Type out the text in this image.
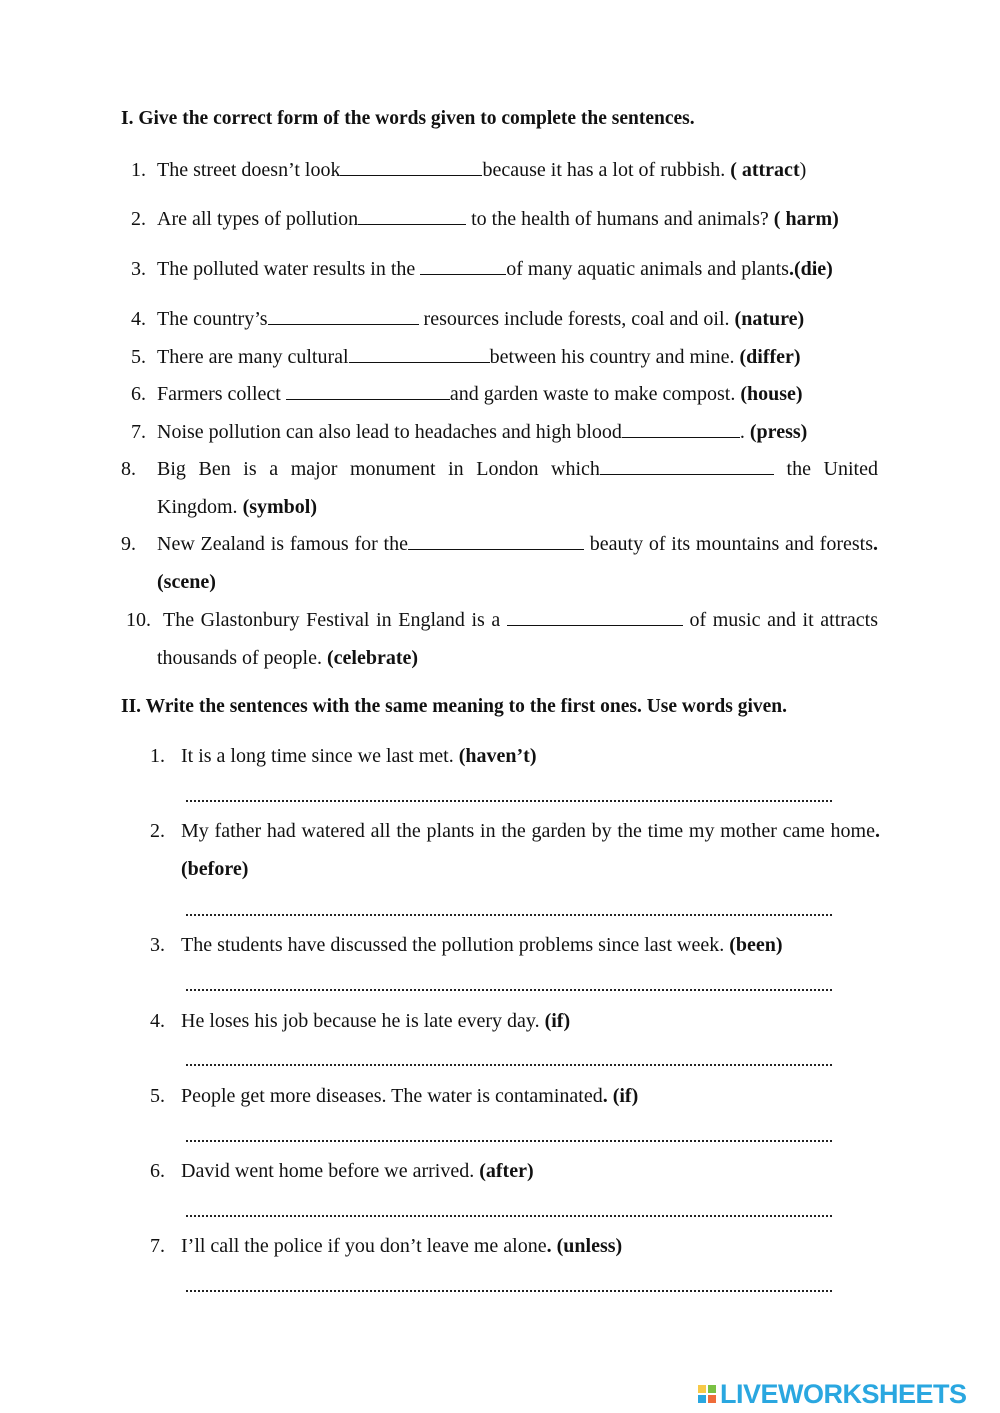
I. Give the correct form of the words given to complete the sentences.
1. The street doesn’t look	because it has a lot of rubbish. ( attract)
2. Are all types of pollution	to the health of humans and animals? ( harm)
3. The polluted water results in the	of many aquatic animals and plants.(die)
4. The country’s	resources include forests, coal and oil. (nature)
5. There are many cultural	between his country and mine. (differ)
6. Farmers collect	and garden waste to make compost. (house)
7. Noise pollution can also lead to headaches and high blood	. (press)
8.	Big Ben is a major monument in London which	the United Kingdom. (symbol)
9.	New Zealand is famous for the	beauty of its mountains and forests. (scene)
10. The Glastonbury Festival in England is a	of music and it attracts thousands of people. (celebrate)
II. Write the sentences with the same meaning to the first ones. Use words given.
1. It is a long time since we last met. (haven’t)
2. My father had watered all the plants in the garden by the time my mother came home. (before)
3. The students have discussed the pollution problems since last week. (been)
4. He loses his job because he is late every day. (if)
5. People get more diseases. The water is contaminated. (if)
6. David went home before we arrived. (after)
7. I’ll call the police if you don’t leave me alone. (unless)
LIVEWORKSHEETS
